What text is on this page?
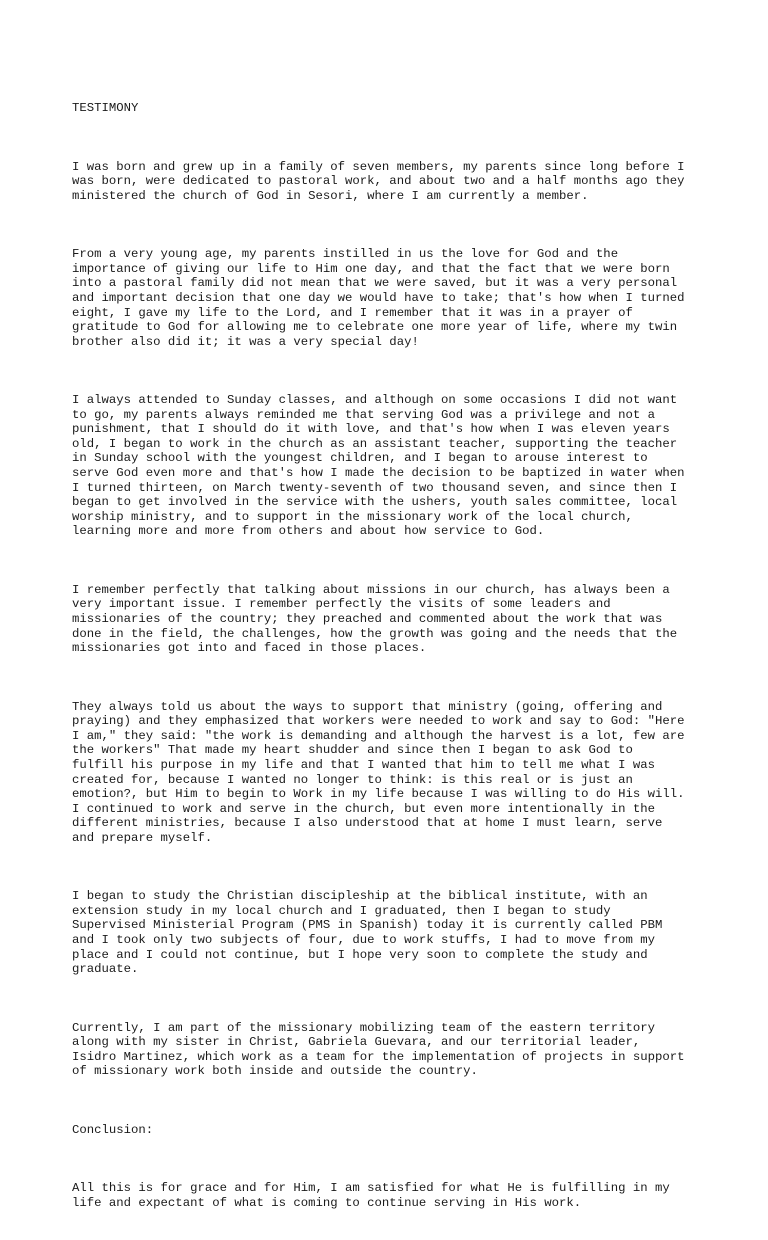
TESTIMONY

I was born and grew up in a family of seven members, my parents since long before I
was born, were dedicated to pastoral work, and about two and a half months ago they
ministered the church of God in Sesori, where I am currently a member.

From a very young age, my parents instilled in us the love for God and the
importance of giving our life to Him one day, and that the fact that we were born
into a pastoral family did not mean that we were saved, but it was a very personal
and important decision that one day we would have to take; that's how when I turned
eight, I gave my life to the Lord, and I remember that it was in a prayer of
gratitude to God for allowing me to celebrate one more year of life, where my twin
brother also did it; it was a very special day!

I always attended to Sunday classes, and although on some occasions I did not want
to go, my parents always reminded me that serving God was a privilege and not a
punishment, that I should do it with love, and that's how when I was eleven years
old, I began to work in the church as an assistant teacher, supporting the teacher
in Sunday school with the youngest children, and I began to arouse interest to
serve God even more and that's how I made the decision to be baptized in water when
I turned thirteen, on March twenty-seventh of two thousand seven, and since then I
began to get involved in the service with the ushers, youth sales committee, local
worship ministry, and to support in the missionary work of the local church,
learning more and more from others and about how service to God.

I remember perfectly that talking about missions in our church, has always been a
very important issue. I remember perfectly the visits of some leaders and
missionaries of the country; they preached and commented about the work that was
done in the field, the challenges, how the growth was going and the needs that the
missionaries got into and faced in those places.

They always told us about the ways to support that ministry (going, offering and
praying) and they emphasized that workers were needed to work and say to God: "Here
I am," they said: "the work is demanding and although the harvest is a lot, few are
the workers" That made my heart shudder and since then I began to ask God to
fulfill his purpose in my life and that I wanted that him to tell me what I was
created for, because I wanted no longer to think: is this real or is just an
emotion?, but Him to begin to Work in my life because I was willing to do His will.
I continued to work and serve in the church, but even more intentionally in the
different ministries, because I also understood that at home I must learn, serve
and prepare myself.

I began to study the Christian discipleship at the biblical institute, with an
extension study in my local church and I graduated, then I began to study
Supervised Ministerial Program (PMS in Spanish) today it is currently called PBM
and I took only two subjects of four, due to work stuffs, I had to move from my
place and I could not continue, but I hope very soon to complete the study and
graduate.

Currently, I am part of the missionary mobilizing team of the eastern territory
along with my sister in Christ, Gabriela Guevara, and our territorial leader,
Isidro Martinez, which work as a team for the implementation of projects in support
of missionary work both inside and outside the country.

Conclusion:

All this is for grace and for Him, I am satisfied for what He is fulfilling in my
life and expectant of what is coming to continue serving in His work.
